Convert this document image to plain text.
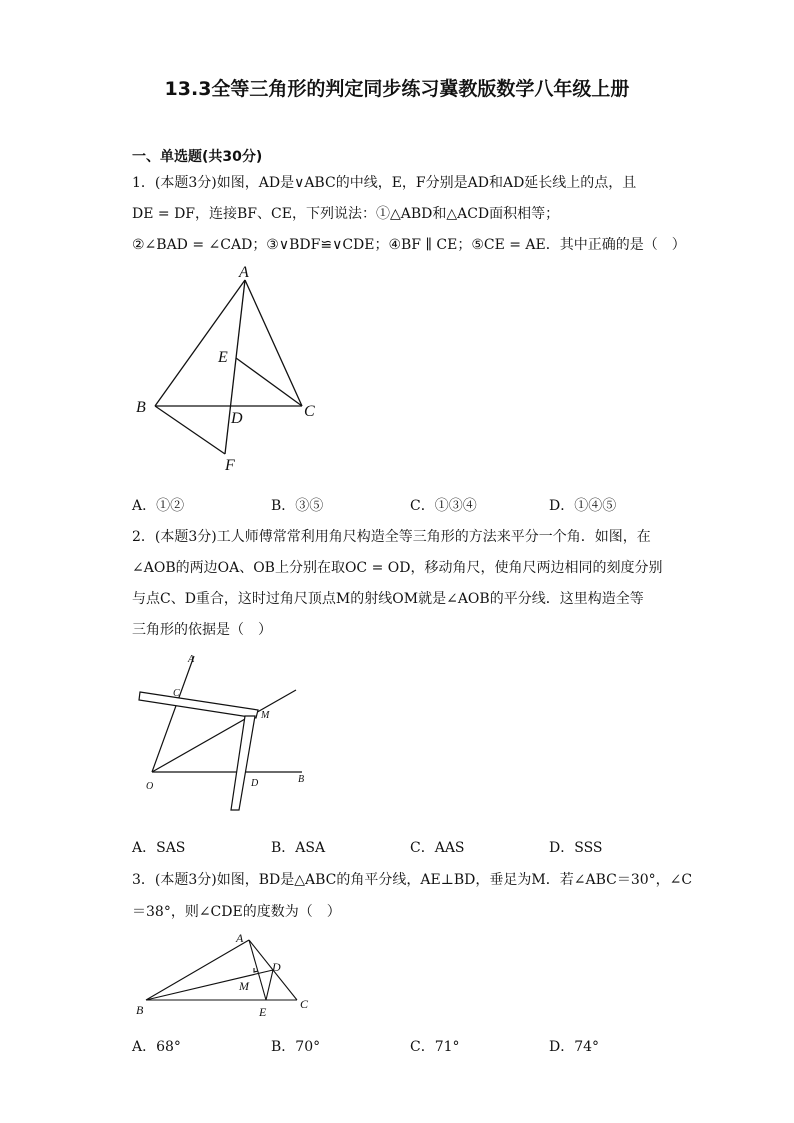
13.3全等三角形的判定同步练习冀教版数学八年级上册
一、单选题(共30分)
1．(本题3分)如图，AD是∨ABC的中线，E，F分别是AD和AD延长线上的点，且
DE = DF，连接BF、CE，下列说法：①△ABD和△ACD面积相等；
②∠BAD = ∠CAD；③∨BDF≌∨CDE；④BF ∥ CE；⑤CE = AE．其中正确的是（　）
A
E
B	C
D
F
A．①②	B．③⑤	C．①③④	D．①④⑤
2．(本题3分)工人师傅常常利用角尺构造全等三角形的方法来平分一个角．如图，在
∠AOB的两边OA、OB上分别在取OC = OD，移动角尺，使角尺两边相同的刻度分别
与点C、D重合，这时过角尺顶点M的射线OM就是∠AOB的平分线．这里构造全等
三角形的依据是（　）
A
C
M
O	D	B
A．SAS	B．ASA	C．AAS	D．SSS
3．(本题3分)如图，BD是△ABC的角平分线，AE⊥BD，垂足为M．若∠ABC＝30°，∠C
＝38°，则∠CDE的度数为（　）
A
D
M
B	E
C
A．68°	B．70°	C．71°	D．74°
